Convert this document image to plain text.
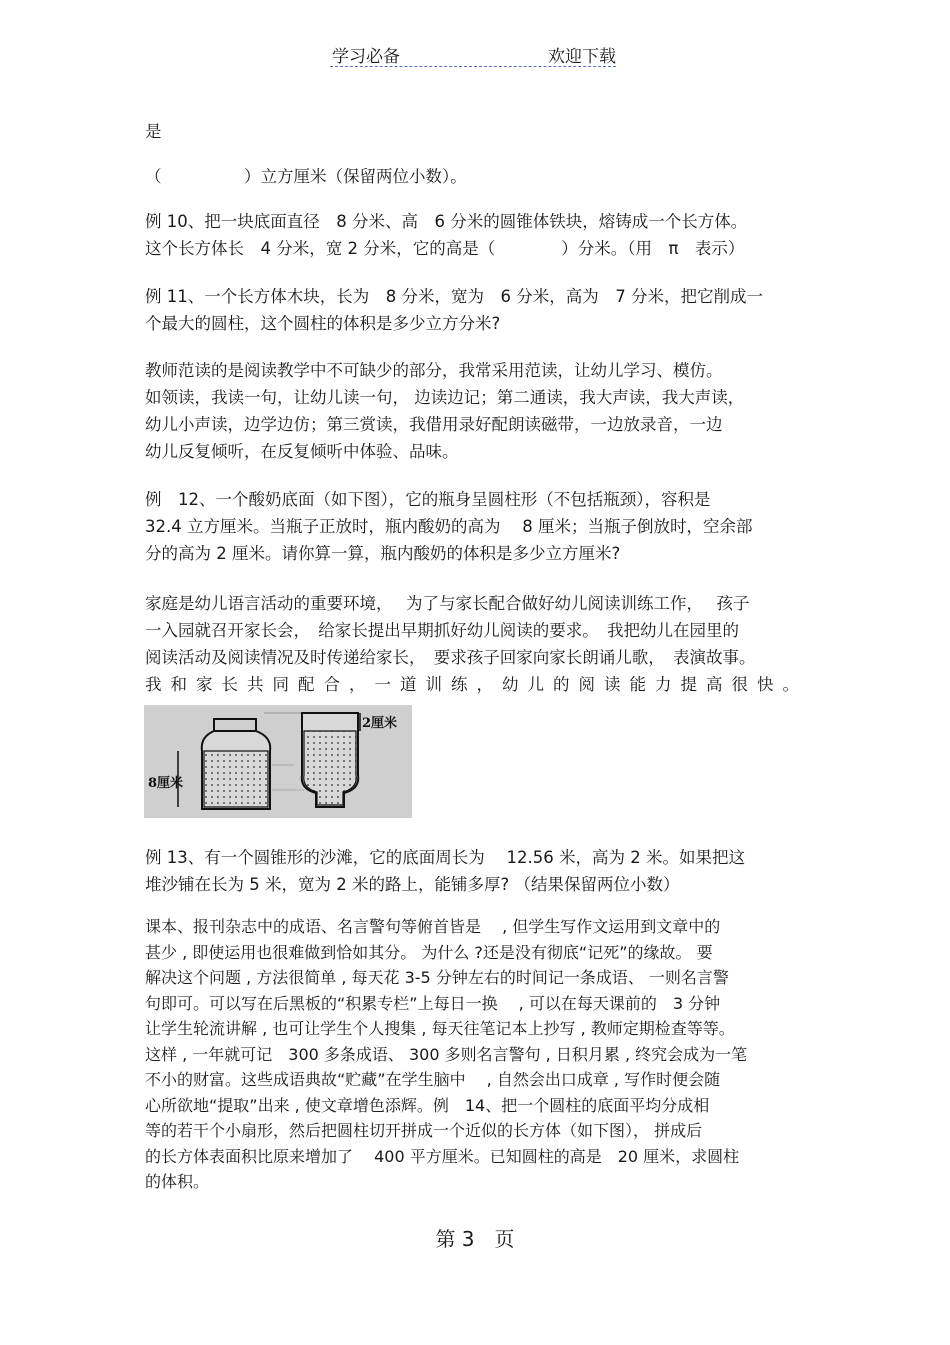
学习必备	欢迎下载
是
（　　　　　）立方厘米（保留两位小数）。
例 10、把一块底面直径　8 分米、高　6 分米的圆锥体铁块，熔铸成一个长方体。
这个长方体长　4 分米，宽 2 分米，它的高是（　　　　）分米。（用　π　表示）
例 11、一个长方体木块，长为　8 分米，宽为　6 分米，高为　7 分米，把它削成一
个最大的圆柱，这个圆柱的体积是多少立方分米?
教师范读的是阅读教学中不可缺少的部分，我常采用范读，让幼儿学习、模仿。
如领读，我读一句，让幼儿读一句， 边读边记；第二通读，我大声读，我大声读，
幼儿小声读，边学边仿；第三赏读，我借用录好配朗读磁带，一边放录音，一边
幼儿反复倾听，在反复倾听中体验、品味。
例　12、一个酸奶底面（如下图），它的瓶身呈圆柱形（不包括瓶颈），容积是
32.4 立方厘米。当瓶子正放时，瓶内酸奶的高为　 8 厘米；当瓶子倒放时，空余部
分的高为 2 厘米。请你算一算，瓶内酸奶的体积是多少立方厘米?
家庭是幼儿语言活动的重要环境，　 为了与家长配合做好幼儿阅读训练工作，　 孩子
一入园就召开家长会，　给家长提出早期抓好幼儿阅读的要求。　我把幼儿在园里的
阅读活动及阅读情况及时传递给家长，　要求孩子回家向家长朗诵儿歌，　表演故事。
我和家长共同配合，一道训练，幼儿的阅读能力提高很快。
8厘米
2厘米
例 13、有一个圆锥形的沙滩，它的底面周长为　 12.56 米，高为 2 米。如果把这
堆沙铺在长为 5 米，宽为 2 米的路上，能铺多厚? （结果保留两位小数）
课本、报刊杂志中的成语、名言警句等俯首皆是　 , 但学生写作文运用到文章中的
甚少 , 即使运用也很难做到恰如其分。 为什么 ?还是没有彻底“记死”的缘故。 要
解决这个问题 , 方法很简单 , 每天花 3-5 分钟左右的时间记一条成语、 一则名言警
句即可。可以写在后黑板的“积累专栏”上每日一换　 , 可以在每天课前的　3 分钟
让学生轮流讲解 , 也可让学生个人搜集 , 每天往笔记本上抄写 , 教师定期检查等等。
这样 , 一年就可记　300 多条成语、 300 多则名言警句 , 日积月累 , 终究会成为一笔
不小的财富。这些成语典故“贮藏”在学生脑中　 , 自然会出口成章 , 写作时便会随
心所欲地“提取”出来 , 使文章增色添辉。例　14、把一个圆柱的底面平均分成相
等的若干个小扇形，然后把圆柱切开拼成一个近似的长方体（如下图）， 拼成后
的长方体表面积比原来增加了　 400 平方厘米。已知圆柱的高是　20 厘米，求圆柱
的体积。
第 3　页
